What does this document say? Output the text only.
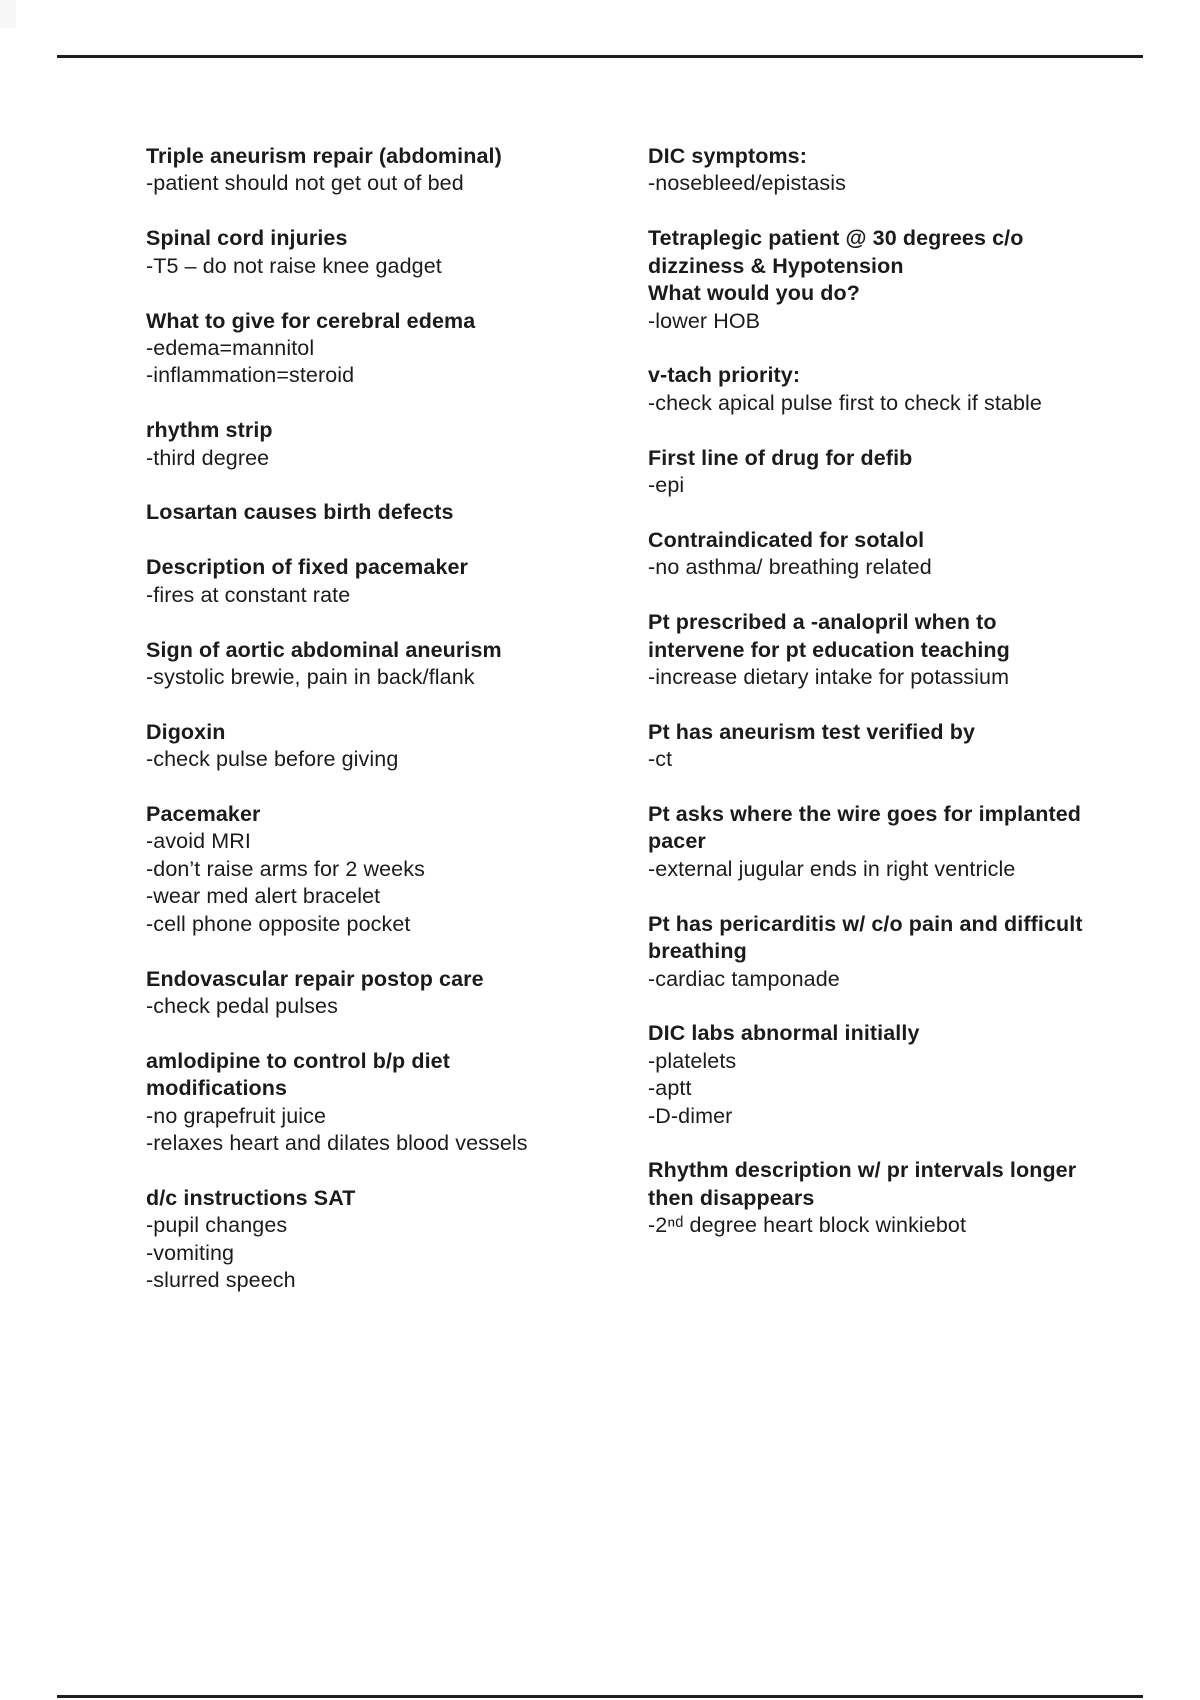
Triple aneurism repair (abdominal)
-patient should not get out of bed
Spinal cord injuries
-T5 – do not raise knee gadget
What to give for cerebral edema
-edema=mannitol
-inflammation=steroid
rhythm strip
-third degree
Losartan causes birth defects
Description of fixed pacemaker
-fires at constant rate
Sign of aortic abdominal aneurism
-systolic brewie, pain in back/flank
Digoxin
-check pulse before giving
Pacemaker
-avoid MRI
-don’t raise arms for 2 weeks
-wear med alert bracelet
-cell phone opposite pocket
Endovascular repair postop care
-check pedal pulses
amlodipine to control b/p diet
modifications
-no grapefruit juice
-relaxes heart and dilates blood vessels
d/c instructions SAT
-pupil changes
-vomiting
-slurred speech
DIC symptoms:
-nosebleed/epistasis
Tetraplegic patient @ 30 degrees c/o
dizziness & Hypotension
What would you do?
-lower HOB
v-tach priority:
-check apical pulse first to check if stable
First line of drug for defib
-epi
Contraindicated for sotalol
-no asthma/ breathing related
Pt prescribed a -analopril when to
intervene for pt education teaching
-increase dietary intake for potassium
Pt has aneurism test verified by
-ct
Pt asks where the wire goes for implanted
pacer
-external jugular ends in right ventricle
Pt has pericarditis w/ c/o pain and difficult
breathing
-cardiac tamponade
DIC labs abnormal initially
-platelets
-aptt
-D-dimer
Rhythm description w/ pr intervals longer
then disappears
-2ⁿᵈ degree heart block winkiebot
